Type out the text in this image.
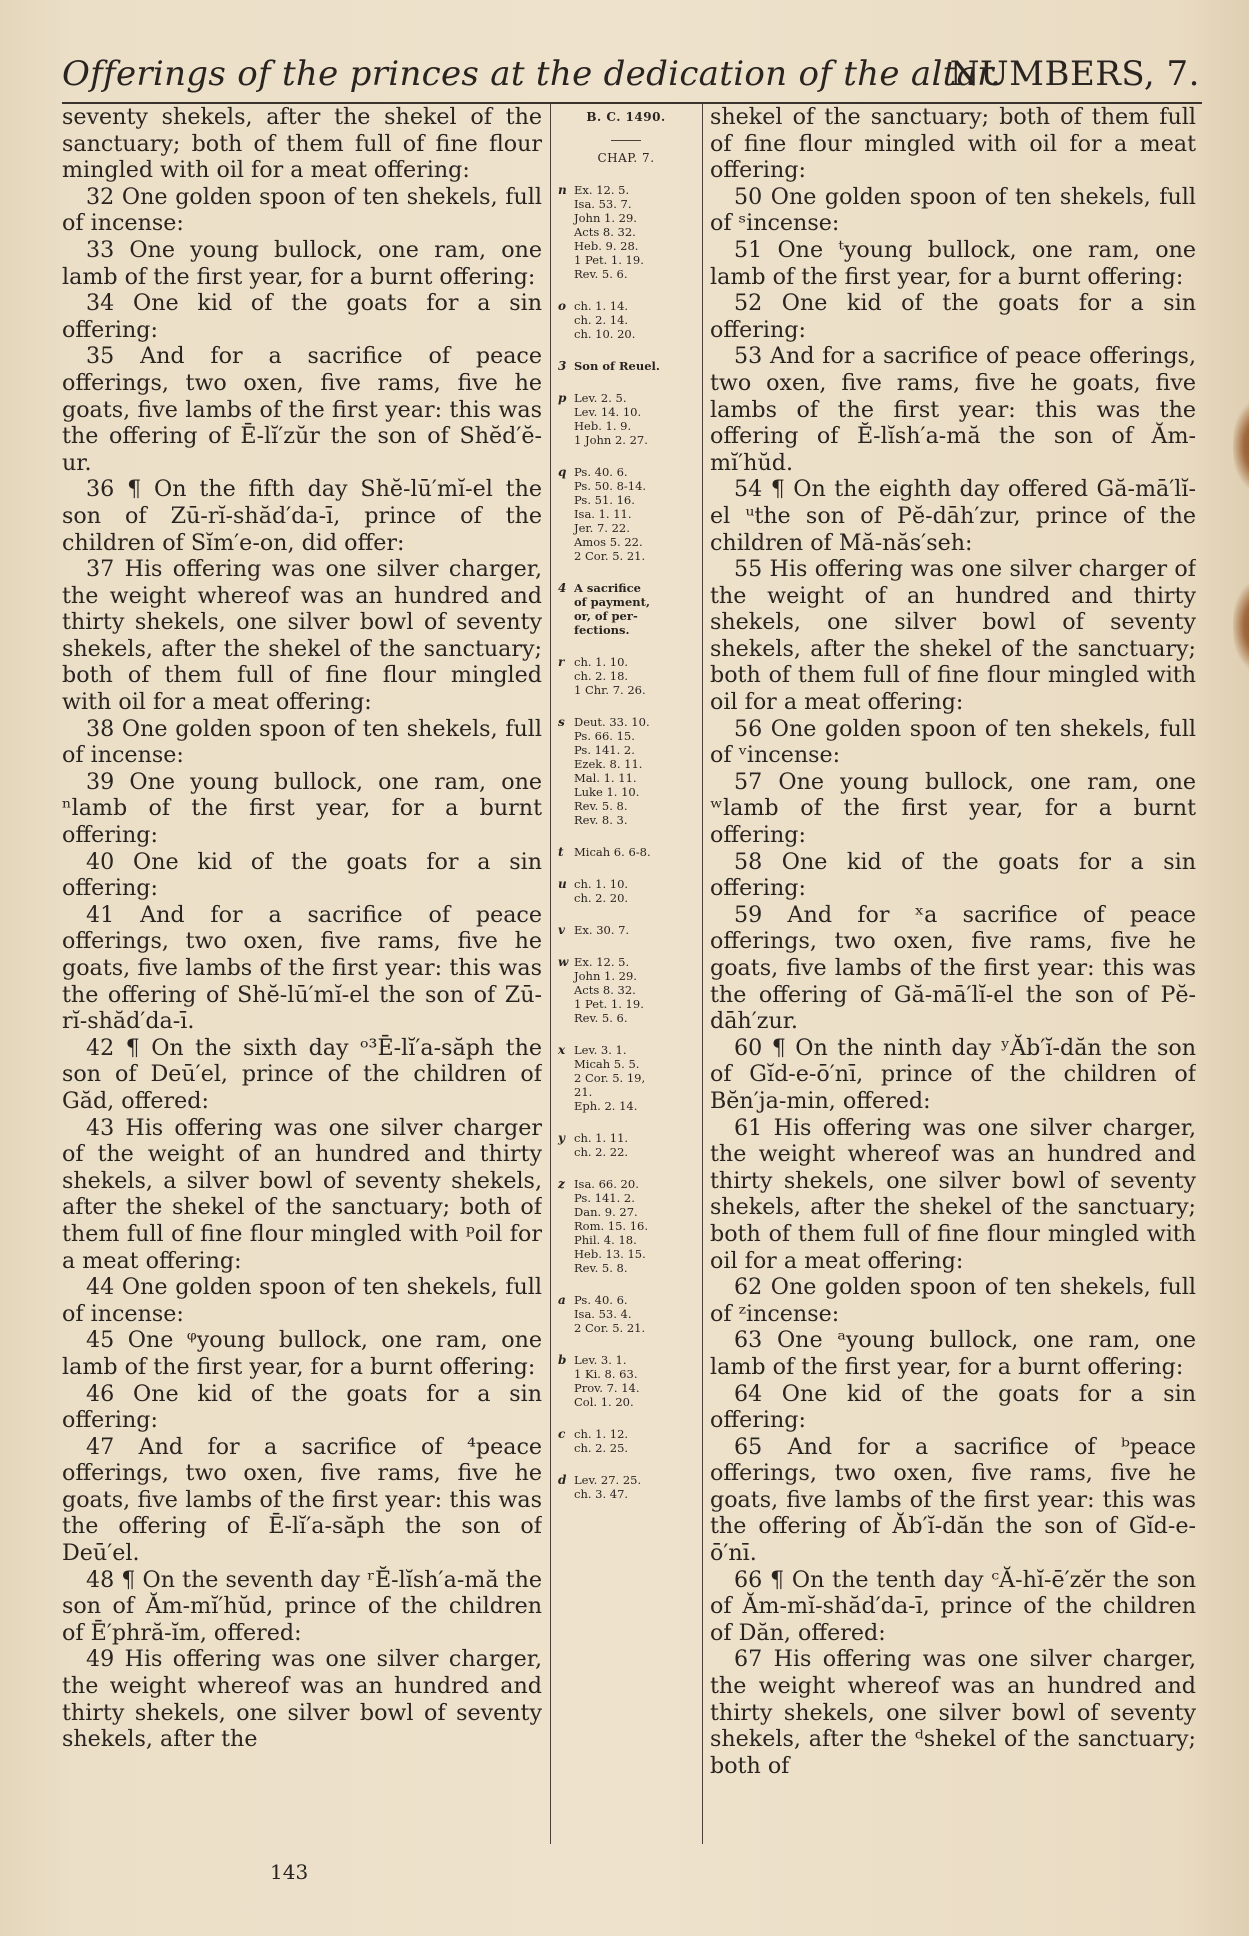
Offerings of the princes at the dedication of the altar.
NUMBERS, 7.

seventy shekels, after the shekel of the sanctuary; both of them full of fine flour mingled with oil for a meat offering:

32 One golden spoon of ten shekels, full of incense:

33 One young bullock, one ram, one lamb of the first year, for a burnt offering:

34 One kid of the goats for a sin offering:

35 And for a sacrifice of peace offerings, two oxen, five rams, five he goats, five lambs of the first year: this was the offering of Ē-lĭ′zŭr the son of Shĕd′ĕ-ur.

36 ¶ On the fifth day Shĕ-lū′mĭ-el the son of Zū-rĭ-shăd′da-ī, prince of the children of Sĭm′e-on, did offer:

37 His offering was one silver charger, the weight whereof was an hundred and thirty shekels, one silver bowl of seventy shekels, after the shekel of the sanctuary; both of them full of fine flour mingled with oil for a meat offering:

38 One golden spoon of ten shekels, full of incense:

39 One young bullock, one ram, one ⁿlamb of the first year, for a burnt offering:

40 One kid of the goats for a sin offering:

41 And for a sacrifice of peace offerings, two oxen, five rams, five he goats, five lambs of the first year: this was the offering of Shĕ-lū′mĭ-el the son of Zū-rĭ-shăd′da-ī.

42 ¶ On the sixth day ᵒ³Ē-lĭ′a-săph the son of Deū′el, prince of the children of Găd, offered:

43 His offering was one silver charger of the weight of an hundred and thirty shekels, a silver bowl of seventy shekels, after the shekel of the sanctuary; both of them full of fine flour mingled with ᵖoil for a meat offering:

44 One golden spoon of ten shekels, full of incense:

45 One ᵠyoung bullock, one ram, one lamb of the first year, for a burnt offering:

46 One kid of the goats for a sin offering:

47 And for a sacrifice of ⁴peace offerings, two oxen, five rams, five he goats, five lambs of the first year: this was the offering of Ē-lĭ′a-săph the son of Deū′el.

48 ¶ On the seventh day ʳĔ-lĭsh′a-mă the son of Ăm-mĭ′hŭd, prince of the children of Ē′phră-ĭm, offered:

49 His offering was one silver charger, the weight whereof was an hundred and thirty shekels, one silver bowl of seventy shekels, after the

B. C. 1490.
CHAP. 7.
n Ex. 12. 5.
Isa. 53. 7.
John 1. 29.
Acts 8. 32.
Heb. 9. 28.
1 Pet. 1. 19.
Rev. 5. 6.
o ch. 1. 14.
ch. 2. 14.
ch. 10. 20.
3 Son of Reuel.
p Lev. 2. 5.
Lev. 14. 10.
Heb. 1. 9.
1 John 2. 27.
q Ps. 40. 6.
Ps. 50. 8-14.
Ps. 51. 16.
Isa. 1. 11.
Jer. 7. 22.
Amos 5. 22.
2 Cor. 5. 21.
4 A sacrifice
of payment,
or, of per-
fections.
r ch. 1. 10.
ch. 2. 18.
1 Chr. 7. 26.
s Deut. 33. 10.
Ps. 66. 15.
Ps. 141. 2.
Ezek. 8. 11.
Mal. 1. 11.
Luke 1. 10.
Rev. 5. 8.
Rev. 8. 3.
t Micah 6. 6-8.
u ch. 1. 10.
ch. 2. 20.
v Ex. 30. 7.
w Ex. 12. 5.
John 1. 29.
Acts 8. 32.
1 Pet. 1. 19.
Rev. 5. 6.
x Lev. 3. 1.
Micah 5. 5.
2 Cor. 5. 19,
21.
Eph. 2. 14.
y ch. 1. 11.
ch. 2. 22.
z Isa. 66. 20.
Ps. 141. 2.
Dan. 9. 27.
Rom. 15. 16.
Phil. 4. 18.
Heb. 13. 15.
Rev. 5. 8.
a Ps. 40. 6.
Isa. 53. 4.
2 Cor. 5. 21.
b Lev. 3. 1.
1 Ki. 8. 63.
Prov. 7. 14.
Col. 1. 20.
c ch. 1. 12.
ch. 2. 25.
d Lev. 27. 25.
ch. 3. 47.

shekel of the sanctuary; both of them full of fine flour mingled with oil for a meat offering:

50 One golden spoon of ten shekels, full of ˢincense:

51 One ᵗyoung bullock, one ram, one lamb of the first year, for a burnt offering:

52 One kid of the goats for a sin offering:

53 And for a sacrifice of peace offerings, two oxen, five rams, five he goats, five lambs of the first year: this was the offering of Ĕ-lĭsh′a-mă the son of Ăm-mĭ′hŭd.

54 ¶ On the eighth day offered Gă-mā′lĭ-el ᵘthe son of Pĕ-dāh′zur, prince of the children of Mă-năs′seh:

55 His offering was one silver charger of the weight of an hundred and thirty shekels, one silver bowl of seventy shekels, after the shekel of the sanctuary; both of them full of fine flour mingled with oil for a meat offering:

56 One golden spoon of ten shekels, full of ᵛincense:

57 One young bullock, one ram, one ʷlamb of the first year, for a burnt offering:

58 One kid of the goats for a sin offering:

59 And for ˣa sacrifice of peace offerings, two oxen, five rams, five he goats, five lambs of the first year: this was the offering of Gă-mā′lĭ-el the son of Pĕ-dāh′zur.

60 ¶ On the ninth day ʸĂb′ĭ-dăn the son of Gĭd-e-ō′nī, prince of the children of Bĕn′ja-min, offered:

61 His offering was one silver charger, the weight whereof was an hundred and thirty shekels, one silver bowl of seventy shekels, after the shekel of the sanctuary; both of them full of fine flour mingled with oil for a meat offering:

62 One golden spoon of ten shekels, full of ᶻincense:

63 One ᵃyoung bullock, one ram, one lamb of the first year, for a burnt offering:

64 One kid of the goats for a sin offering:

65 And for a sacrifice of ᵇpeace offerings, two oxen, five rams, five he goats, five lambs of the first year: this was the offering of Ăb′ĭ-dăn the son of Gĭd-e-ō′nī.

66 ¶ On the tenth day ᶜĂ-hĭ-ē′zĕr the son of Ăm-mĭ-shăd′da-ī, prince of the children of Dăn, offered:

67 His offering was one silver charger, the weight whereof was an hundred and thirty shekels, one silver bowl of seventy shekels, after the ᵈshekel of the sanctuary; both of

143
